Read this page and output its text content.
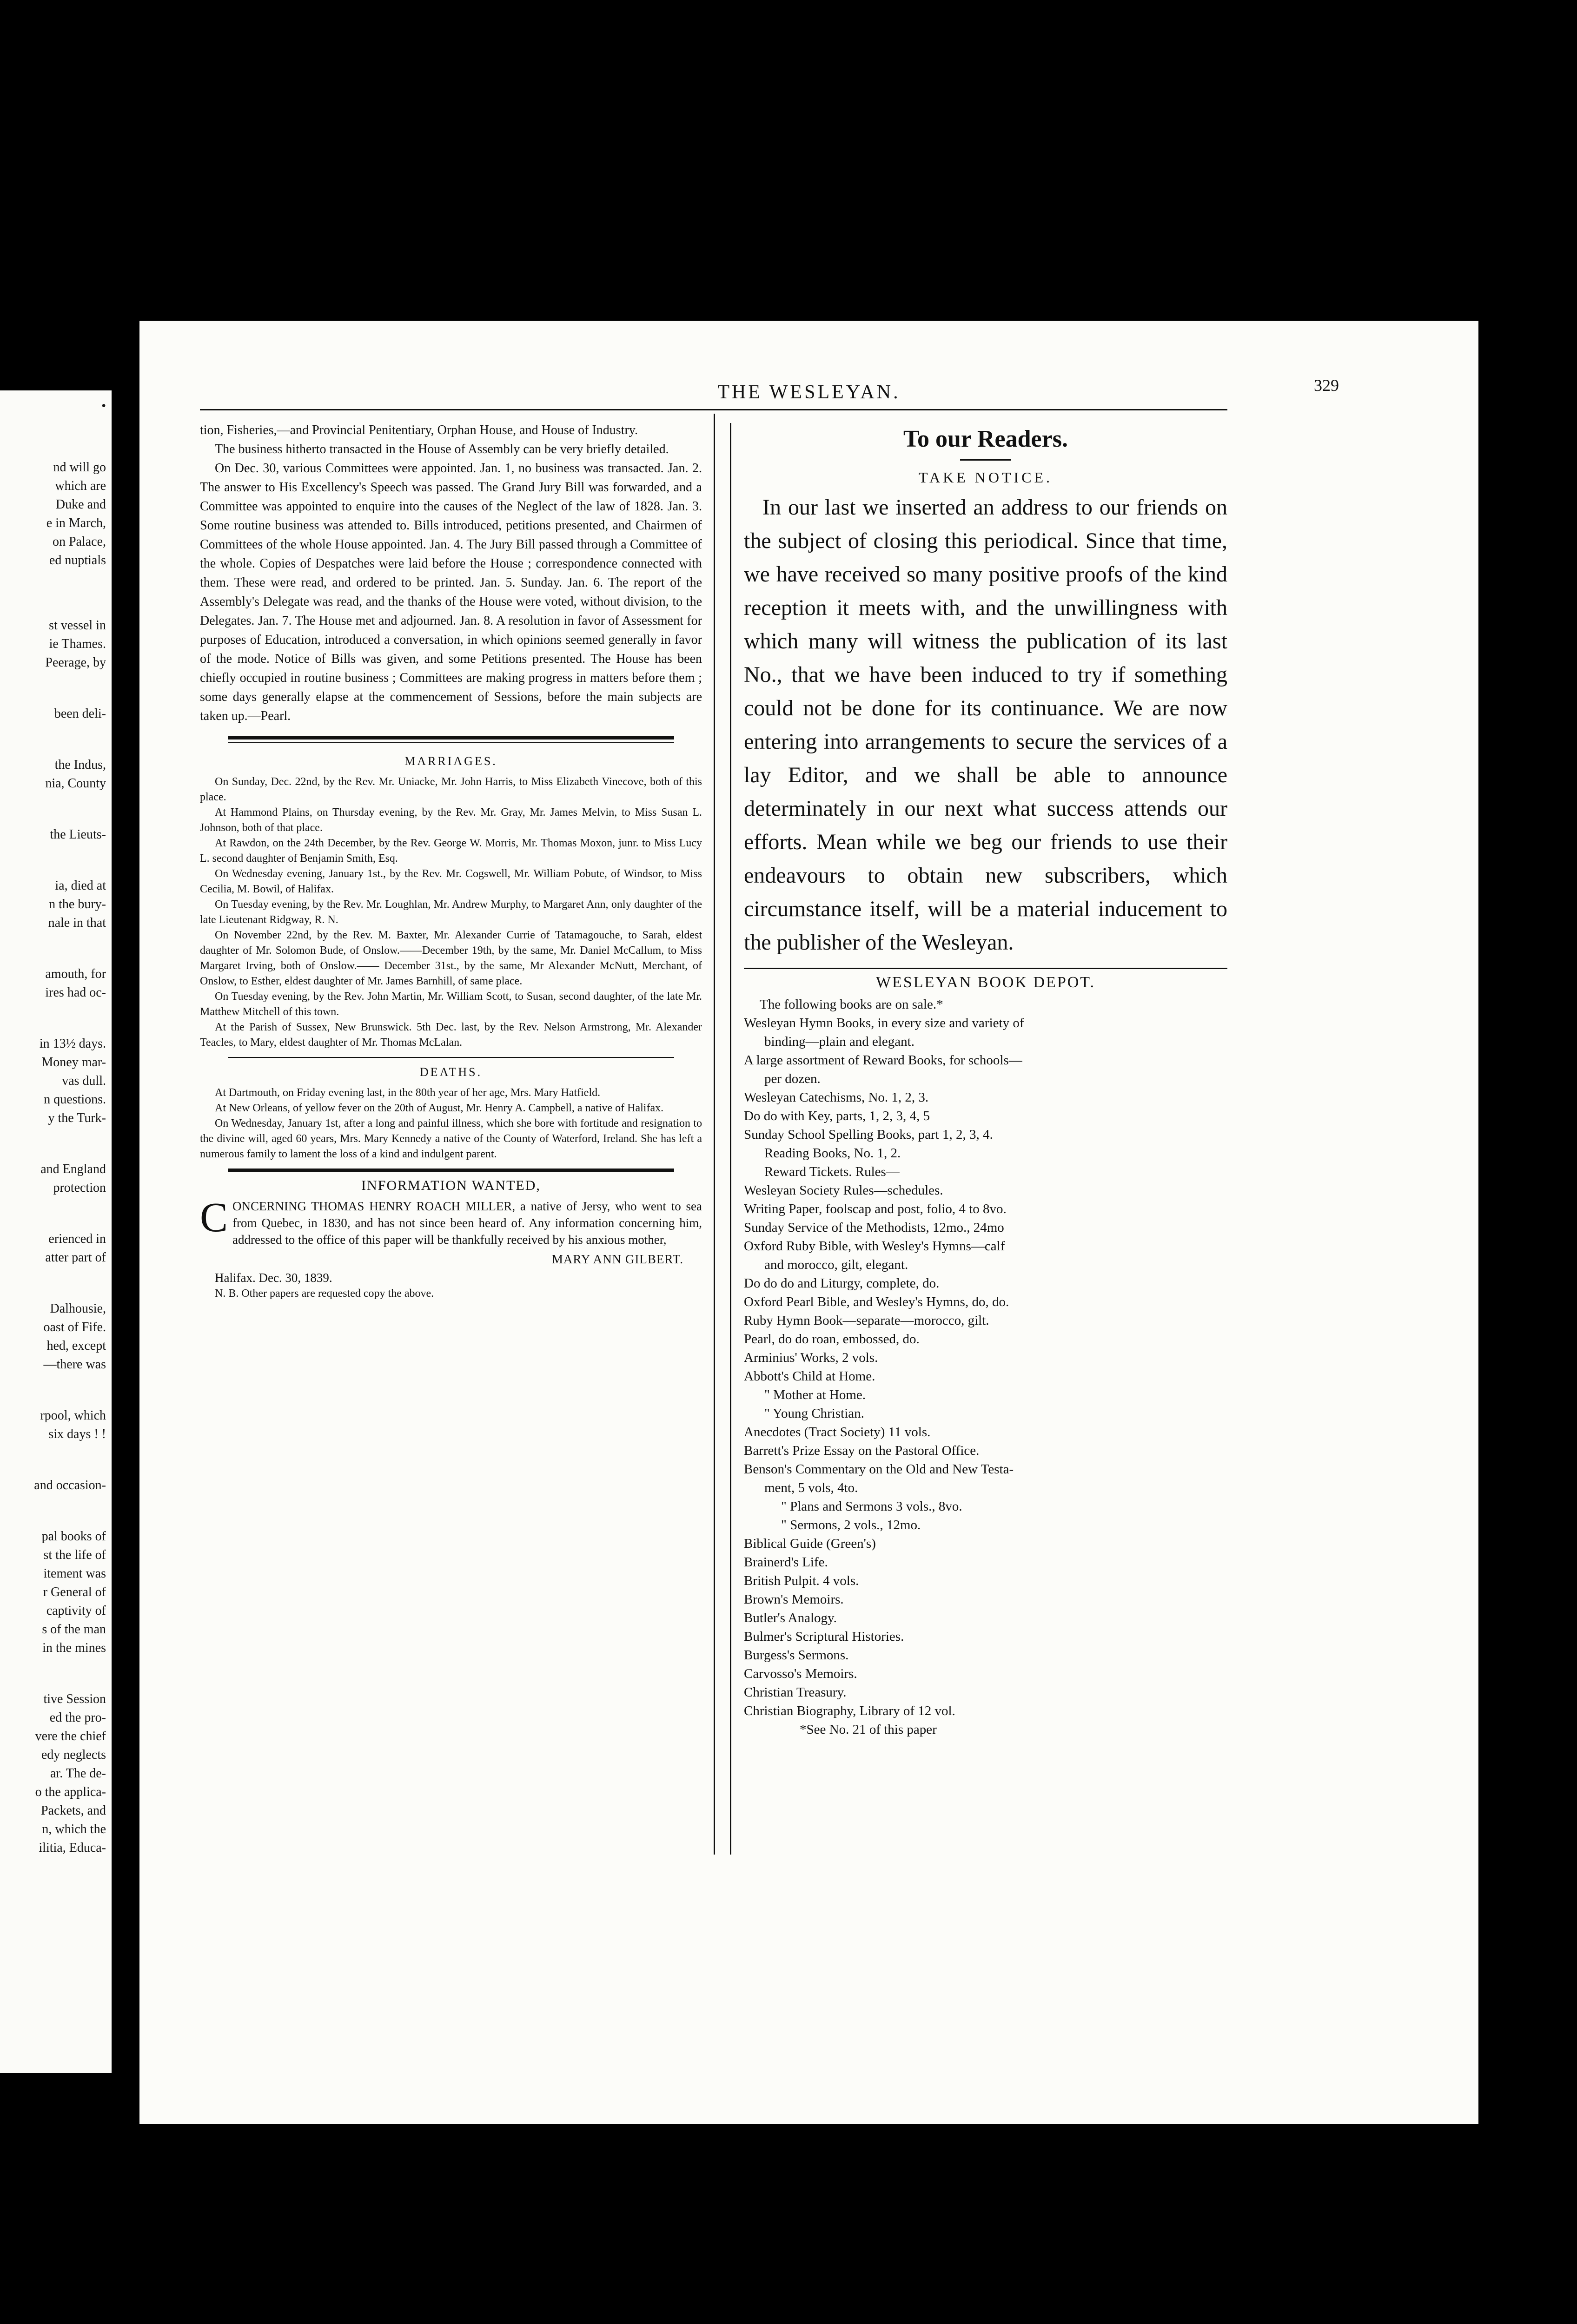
•
nd will go
which are
Duke and
e in March,
on Palace,
ed nuptials
st vessel in
ie Thames.
Peerage, by
been deli-
the Indus,
nia, County
the Lieuts-
ia, died at
n the bury-
nale in that
amouth, for
ires had oc-
in 13½ days.
Money mar-
vas dull.
n questions.
y the Turk-
and England
protection
erienced in
atter part of
Dalhousie,
oast of Fife.
hed, except
—there was
rpool, which
six days ! !
and occasion-
pal books of
st the life of
itement was
r General of
captivity of
s of the man
in the mines
tive Session
ed the pro-
vere the chief
edy neglects
ar. The de-
o the applica-
Packets, and
n, which the
ilitia, Educa-
THE WESLEYAN.	329

tion, Fisheries,—and Provincial Penitentiary, Orphan House, and House of Industry.

The business hitherto transacted in the House of Assembly can be very briefly detailed.

On Dec. 30, various Committees were appointed. Jan. 1, no business was transacted. Jan. 2. The answer to His Excellency's Speech was passed. The Grand Jury Bill was forwarded, and a Committee was appointed to enquire into the causes of the Neglect of the law of 1828. Jan. 3. Some routine business was attended to. Bills introduced, petitions presented, and Chairmen of Committees of the whole House appointed. Jan. 4. The Jury Bill passed through a Committee of the whole. Copies of Despatches were laid before the House ; correspondence connected with them. These were read, and ordered to be printed. Jan. 5. Sunday. Jan. 6. The report of the Assembly's Delegate was read, and the thanks of the House were voted, without division, to the Delegates. Jan. 7. The House met and adjourned. Jan. 8. A resolution in favor of Assessment for purposes of Education, introduced a conversation, in which opinions seemed generally in favor of the mode. Notice of Bills was given, and some Petitions presented. The House has been chiefly occupied in routine business ; Committees are making progress in matters before them ; some days generally elapse at the commencement of Sessions, before the main subjects are taken up.—Pearl.

MARRIAGES.

On Sunday, Dec. 22nd, by the Rev. Mr. Uniacke, Mr. John Harris, to Miss Elizabeth Vinecove, both of this place.

At Hammond Plains, on Thursday evening, by the Rev. Mr. Gray, Mr. James Melvin, to Miss Susan L. Johnson, both of that place.

At Rawdon, on the 24th December, by the Rev. George W. Morris, Mr. Thomas Moxon, junr. to Miss Lucy L. second daughter of Benjamin Smith, Esq.

On Wednesday evening, January 1st., by the Rev. Mr. Cogswell, Mr. William Pobute, of Windsor, to Miss Cecilia, M. Bowil, of Halifax.

On Tuesday evening, by the Rev. Mr. Loughlan, Mr. Andrew Murphy, to Margaret Ann, only daughter of the late Lieutenant Ridgway, R. N.

On November 22nd, by the Rev. M. Baxter, Mr. Alexander Currie of Tatamagouche, to Sarah, eldest daughter of Mr. Solomon Bude, of Onslow.——December 19th, by the same, Mr. Daniel McCallum, to Miss Margaret Irving, both of Onslow.—— December 31st., by the same, Mr Alexander McNutt, Merchant, of Onslow, to Esther, eldest daughter of Mr. James Barnhill, of same place.

On Tuesday evening, by the Rev. John Martin, Mr. William Scott, to Susan, second daughter, of the late Mr. Matthew Mitchell of this town.

At the Parish of Sussex, New Brunswick. 5th Dec. last, by the Rev. Nelson Armstrong, Mr. Alexander Teacles, to Mary, eldest daughter of Mr. Thomas McLalan.

DEATHS.

At Dartmouth, on Friday evening last, in the 80th year of her age, Mrs. Mary Hatfield.

At New Orleans, of yellow fever on the 20th of August, Mr. Henry A. Campbell, a native of Halifax.

On Wednesday, January 1st, after a long and painful illness, which she bore with fortitude and resignation to the divine will, aged 60 years, Mrs. Mary Kennedy a native of the County of Waterford, Ireland. She has left a numerous family to lament the loss of a kind and indulgent parent.

INFORMATION WANTED,
C ONCERNING THOMAS HENRY ROACH MILLER, a native of Jersy, who went to sea from Quebec, in 1830, and has not since been heard of. Any information concerning him, addressed to the office of this paper will be thankfully received by his anxious mother,

MARY ANN GILBERT.

Halifax. Dec. 30, 1839.

N. B. Other papers are requested copy the above.

To our Readers.
TAKE NOTICE.

In our last we inserted an address to our friends on the subject of closing this periodical. Since that time, we have received so many positive proofs of the kind reception it meets with, and the unwillingness with which many will witness the publication of its last No., that we have been induced to try if something could not be done for its continuance. We are now entering into arrangements to secure the services of a lay Editor, and we shall be able to announce determinately in our next what success attends our efforts. Mean while we beg our friends to use their endeavours to obtain new subscribers, which circumstance itself, will be a material inducement to the publisher of the Wesleyan.

WESLEYAN BOOK DEPOT.

The following books are on sale.*

Wesleyan Hymn Books, in every size and variety of

binding—plain and elegant.

A large assortment of Reward Books, for schools—

per dozen.

Wesleyan Catechisms, No. 1, 2, 3.

Do do with Key, parts, 1, 2, 3, 4, 5

Sunday School Spelling Books, part 1, 2, 3, 4.

Reading Books, No. 1, 2.

Reward Tickets. Rules—

Wesleyan Society Rules—schedules.

Writing Paper, foolscap and post, folio, 4 to 8vo.

Sunday Service of the Methodists, 12mo., 24mo

Oxford Ruby Bible, with Wesley's Hymns—calf

and morocco, gilt, elegant.

Do do do and Liturgy, complete, do.

Oxford Pearl Bible, and Wesley's Hymns, do, do.

Ruby Hymn Book—separate—morocco, gilt.

Pearl, do do roan, embossed, do.

Arminius' Works, 2 vols.

Abbott's Child at Home.

" Mother at Home.

" Young Christian.

Anecdotes (Tract Society) 11 vols.

Barrett's Prize Essay on the Pastoral Office.

Benson's Commentary on the Old and New Testa-

ment, 5 vols, 4to.

" Plans and Sermons 3 vols., 8vo.

" Sermons, 2 vols., 12mo.

Biblical Guide (Green's)

Brainerd's Life.

British Pulpit. 4 vols.

Brown's Memoirs.

Butler's Analogy.

Bulmer's Scriptural Histories.

Burgess's Sermons.

Carvosso's Memoirs.

Christian Treasury.

Christian Biography, Library of 12 vol.

*See No. 21 of this paper
